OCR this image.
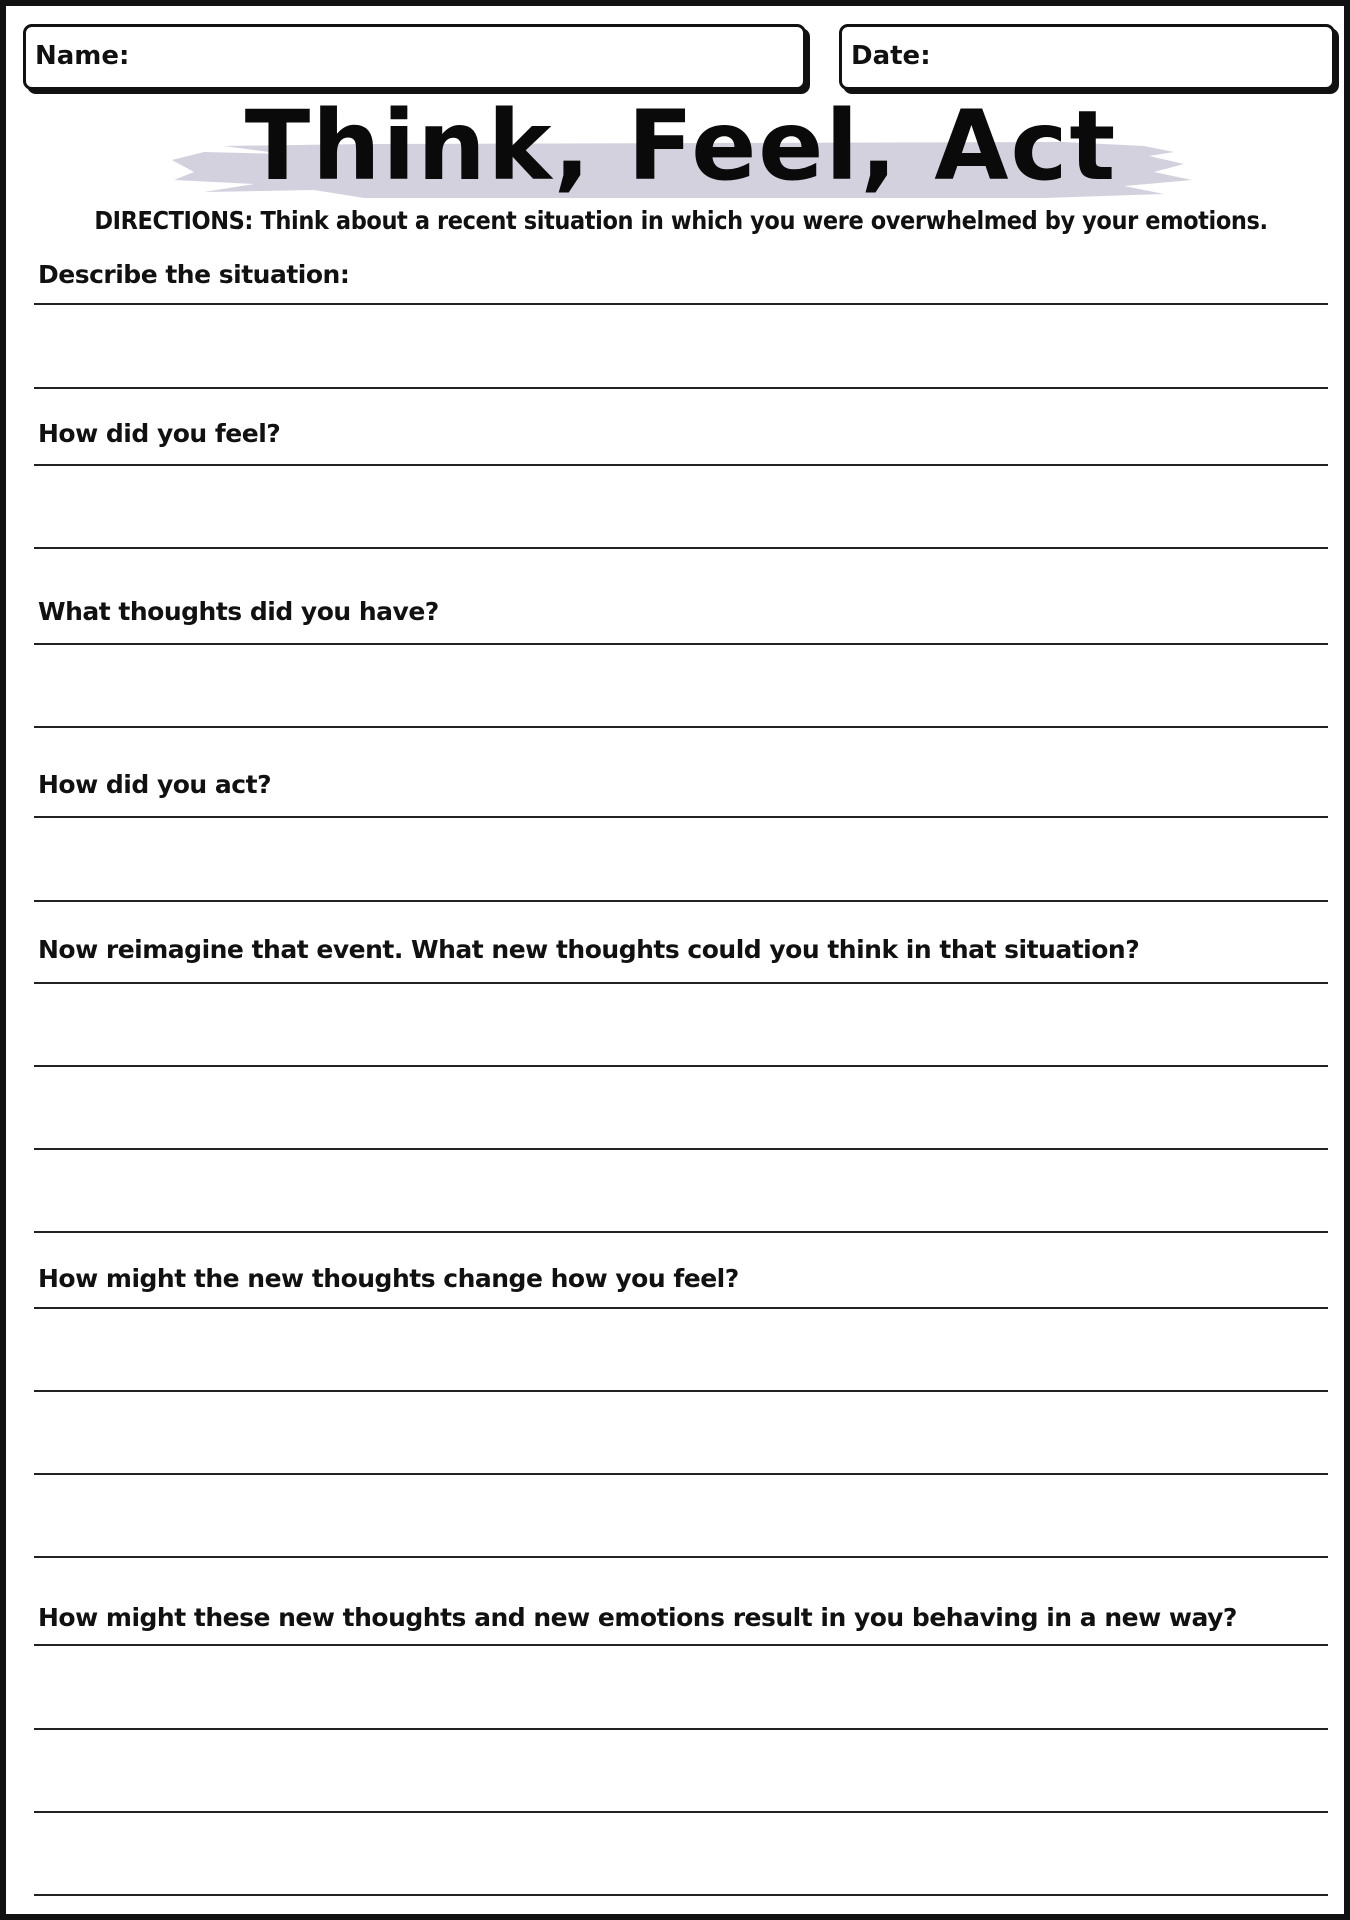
Name:	Date:
Think, Feel, Act
DIRECTIONS: Think about a recent situation in which you were overwhelmed by your emotions.
Describe the situation:
How did you feel?
What thoughts did you have?
How did you act?
Now reimagine that event. What new thoughts could you think in that situation?
How might the new thoughts change how you feel?
How might these new thoughts and new emotions result in you behaving in a new way?
